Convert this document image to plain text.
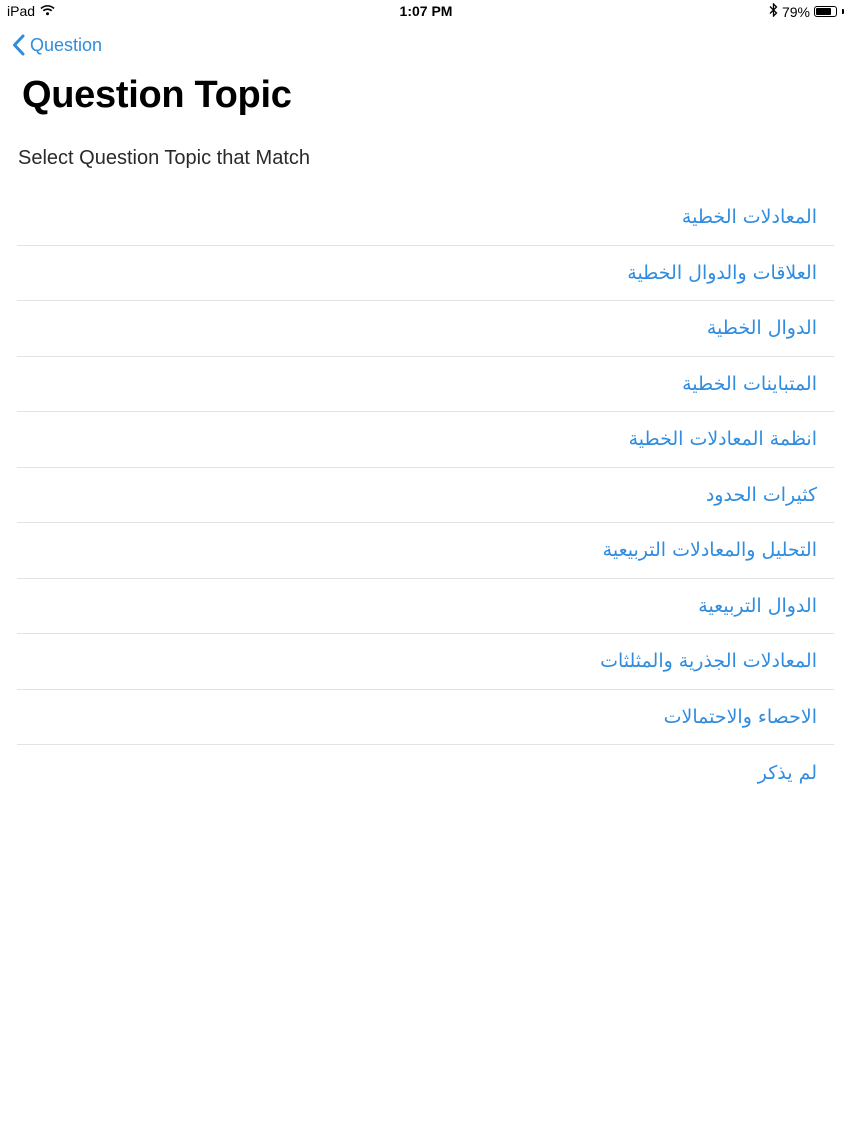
iPad	1:07 PM	79%
Question
Question Topic
Select Question Topic that Match
المعادلات الخطية
العلاقات والدوال الخطية
الدوال الخطية
المتباينات الخطية
انظمة المعادلات الخطية
كثيرات الحدود
التحليل والمعادلات التربيعية
الدوال التربيعية
المعادلات الجذرية والمثلثات
الاحصاء والاحتمالات
لم يذكر
